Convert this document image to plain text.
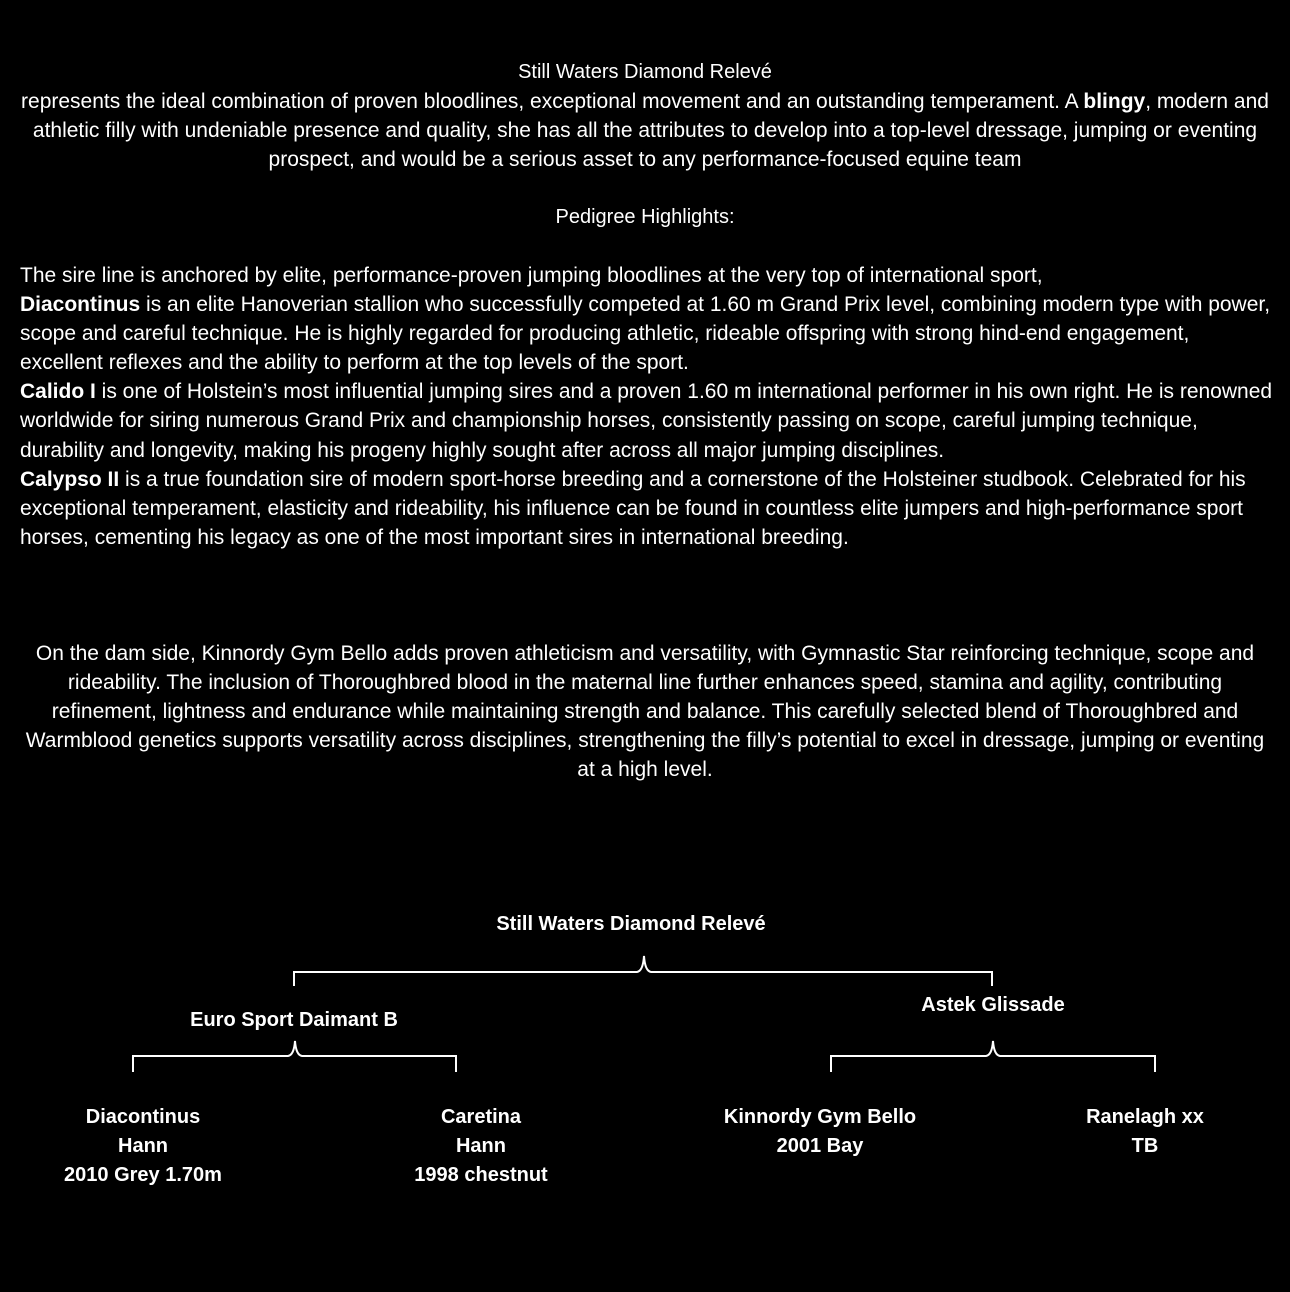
Still Waters Diamond Relevé

represents the ideal combination of proven bloodlines, exceptional movement and an outstanding temperament. A blingy, modern and athletic filly with undeniable presence and quality, she has all the attributes to develop into a top-level dressage, jumping or eventing prospect, and would be a serious asset to any performance-focused equine team

Pedigree Highlights:

The sire line is anchored by elite, performance-proven jumping bloodlines at the very top of international sport,

Diacontinus is an elite Hanoverian stallion who successfully competed at 1.60 m Grand Prix level, combining modern type with power, scope and careful technique. He is highly regarded for producing athletic, rideable offspring with strong hind-end engagement, excellent reflexes and the ability to perform at the top levels of the sport.

Calido I is one of Holstein’s most influential jumping sires and a proven 1.60 m international performer in his own right. He is renowned worldwide for siring numerous Grand Prix and championship horses, consistently passing on scope, careful jumping technique, durability and longevity, making his progeny highly sought after across all major jumping disciplines.

Calypso II is a true foundation sire of modern sport-horse breeding and a cornerstone of the Holsteiner studbook. Celebrated for his exceptional temperament, elasticity and rideability, his influence can be found in countless elite jumpers and high-performance sport horses, cementing his legacy as one of the most important sires in international breeding.

On the dam side, Kinnordy Gym Bello adds proven athleticism and versatility, with Gymnastic Star reinforcing technique, scope and rideability. The inclusion of Thoroughbred blood in the maternal line further enhances speed, stamina and agility, contributing refinement, lightness and endurance while maintaining strength and balance. This carefully selected blend of Thoroughbred and Warmblood genetics supports versatility across disciplines, strengthening the filly’s potential to excel in dressage, jumping or eventing at a high level.

Still Waters Diamond Relevé
Euro Sport Daimant B
Astek Glissade
Diacontinus
Hann
2010 Grey 1.70m
Caretina
Hann
1998 chestnut
Kinnordy Gym Bello
2001 Bay
Ranelagh xx
TB
